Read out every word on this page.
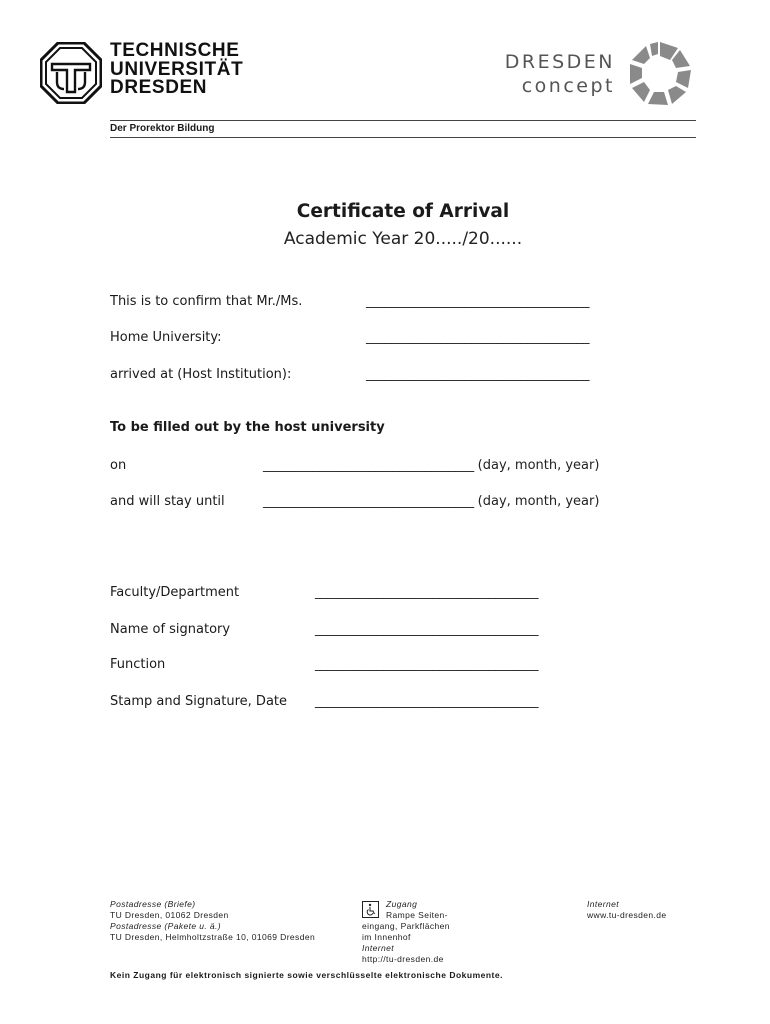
TECHNISCHE
UNIVERSITÄT
DRESDEN
DRESDEN
concept
Der Prorektor Bildung
Certificate of Arrival
Academic Year 20...../20......
This is to confirm that Mr./Ms.	____________________________________
Home University:	____________________________________
arrived at (Host Institution):	____________________________________
To be filled out by the host university
on	__________________________________ (day, month, year)
and will stay until	__________________________________ (day, month, year)
Faculty/Department	____________________________________
Name of signatory	____________________________________
Function	____________________________________
Stamp and Signature, Date ____________________________________
Postadresse (Briefe)
TU Dresden, 01062 Dresden
Postadresse (Pakete u. ä.)
TU Dresden, Helmholtzstraße 10, 01069 Dresden
Zugang
Rampe Seiten-
eingang, Parkflächen
im Innenhof
Internet
http://tu-dresden.de
Internet
www.tu-dresden.de
Kein Zugang für elektronisch signierte sowie verschlüsselte elektronische Dokumente.
